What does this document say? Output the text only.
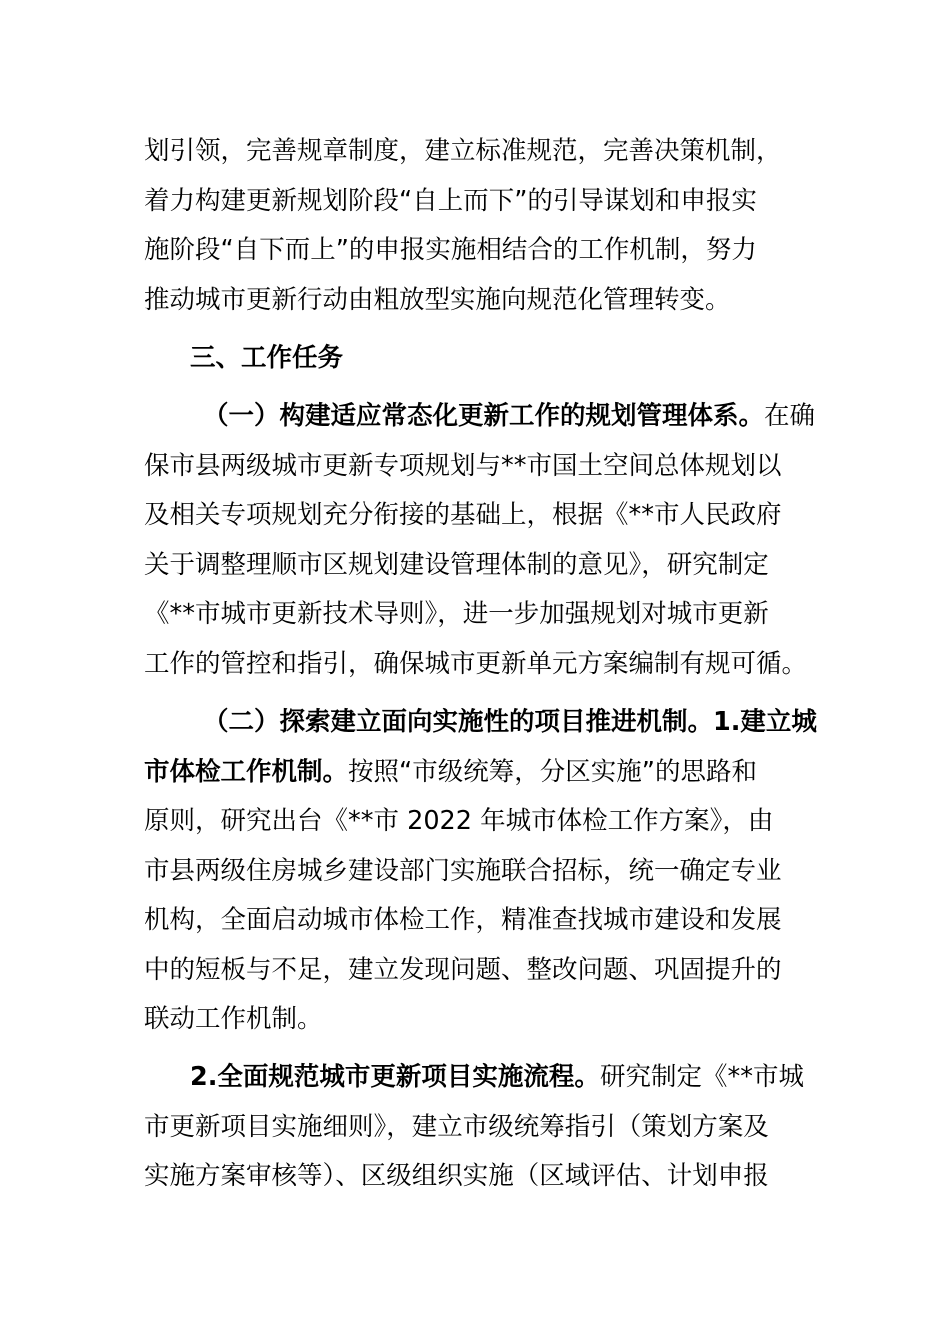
划引领，完善规章制度，建立标准规范，完善决策机制，
着力构建更新规划阶段“自上而下”的引导谋划和申报实
施阶段“自下而上”的申报实施相结合的工作机制，努力
推动城市更新行动由粗放型实施向规范化管理转变。
三、工作任务
（一）构建适应常态化更新工作的规划管理体系。在确
保市县两级城市更新专项规划与**市国土空间总体规划以
及相关专项规划充分衔接的基础上，根据《**市人民政府
关于调整理顺市区规划建设管理体制的意见》，研究制定
《**市城市更新技术导则》，进一步加强规划对城市更新
工作的管控和指引，确保城市更新单元方案编制有规可循。
（二）探索建立面向实施性的项目推进机制。1.建立城
市体检工作机制。按照“市级统筹，分区实施”的思路和
原则，研究出台《**市 2022 年城市体检工作方案》，由
市县两级住房城乡建设部门实施联合招标，统一确定专业
机构，全面启动城市体检工作，精准查找城市建设和发展
中的短板与不足，建立发现问题、整改问题、巩固提升的
联动工作机制。
2.全面规范城市更新项目实施流程。研究制定《**市城
市更新项目实施细则》，建立市级统筹指引（策划方案及
实施方案审核等）、区级组织实施（区域评估、计划申报
